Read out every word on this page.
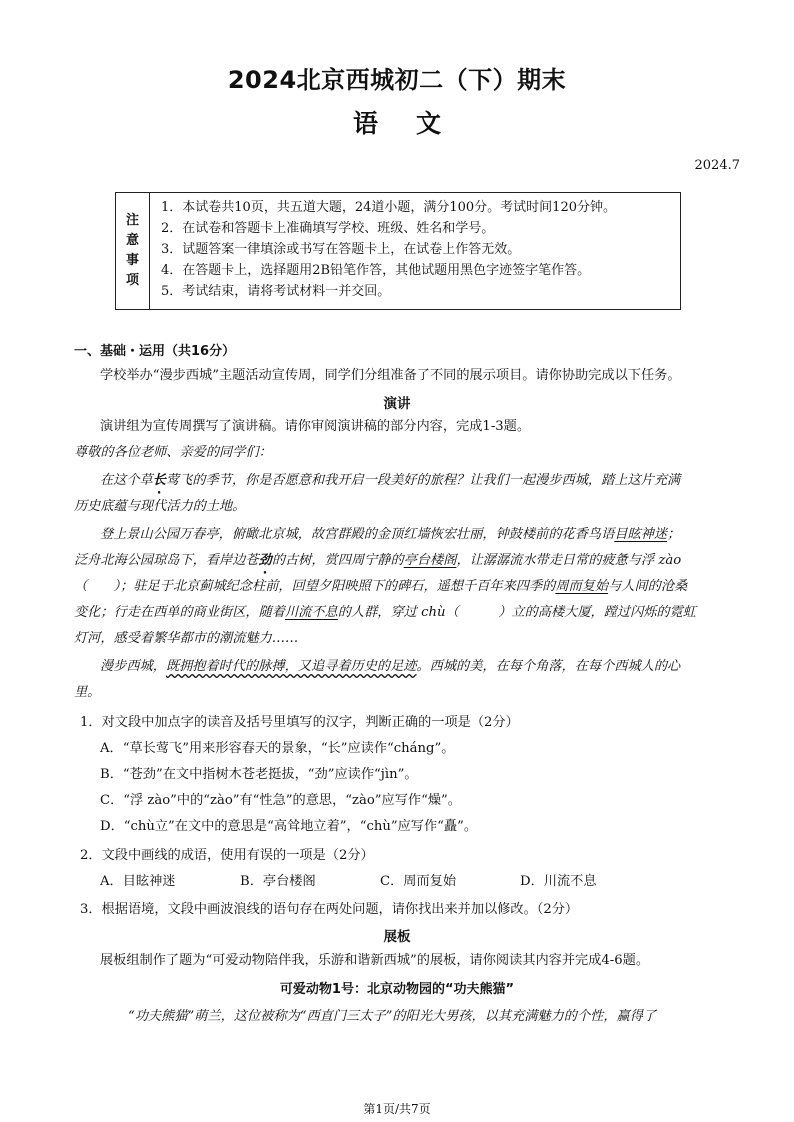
2024北京西城初二（下）期末
语文
2024.7
注
意
事
项
1．本试卷共10页，共五道大题，24道小题，满分100分。考试时间120分钟。
2．在试卷和答题卡上准确填写学校、班级、姓名和学号。
3．试题答案一律填涂或书写在答题卡上，在试卷上作答无效。
4．在答题卡上，选择题用2B铅笔作答，其他试题用黑色字迹签字笔作答。
5．考试结束，请将考试材料一并交回。
一、基础・运用（共16分）
学校举办“漫步西城”主题活动宣传周，同学们分组准备了不同的展示项目。请你协助完成以下任务。
演讲
演讲组为宣传周撰写了演讲稿。请你审阅演讲稿的部分内容，完成1-3题。
尊敬的各位老师、亲爱的同学们：
在这个草长莺飞的季节，你是否愿意和我开启一段美好的旅程？让我们一起漫步西城，踏上这片充满
历史底蕴与现代活力的土地。
登上景山公园万春亭，俯瞰北京城，故宫群殿的金顶红墙恢宏壮丽，钟鼓楼前的花香鸟语目眩神迷；
泛舟北海公园琼岛下，看岸边苍劲的古树，赏四周宁静的亭台楼阁，让潺潺流水带走日常的疲惫与浮 zào
（　　）；驻足于北京蓟城纪念柱前，回望夕阳映照下的碑石，遥想千百年来四季的周而复始与人间的沧桑
变化；行走在西单的商业街区，随着川流不息的人群，穿过 chù（　　　）立的高楼大厦，蹚过闪烁的霓虹
灯河，感受着繁华都市的潮流魅力……
漫步西城，既拥抱着时代的脉搏，又追寻着历史的足迹。西城的美，在每个角落，在每个西城人的心
里。
1．对文段中加点字的读音及括号里填写的汉字，判断正确的一项是（2分）
A．“草长莺飞”用来形容春天的景象，“长”应读作“cháng”。
B．“苍劲”在文中指树木苍老挺拔，“劲”应读作“jìn”。
C．“浮 zào”中的“zào”有“性急”的意思，“zào”应写作“燥”。
D．“chù立”在文中的意思是“高耸地立着”，“chù”应写作“矗”。
2．文段中画线的成语，使用有误的一项是（2分）
A．目眩神迷	B．亭台楼阁	C．周而复始	D．川流不息
3．根据语境，文段中画波浪线的语句存在两处问题，请你找出来并加以修改。（2分）
展板
展板组制作了题为“可爱动物陪伴我，乐游和谐新西城”的展板，请你阅读其内容并完成4-6题。
可爱动物1号：北京动物园的“功夫熊猫”
“功夫熊猫”萌兰，这位被称为“西直门三太子”的阳光大男孩，以其充满魅力的个性，赢得了
第1页/共7页
